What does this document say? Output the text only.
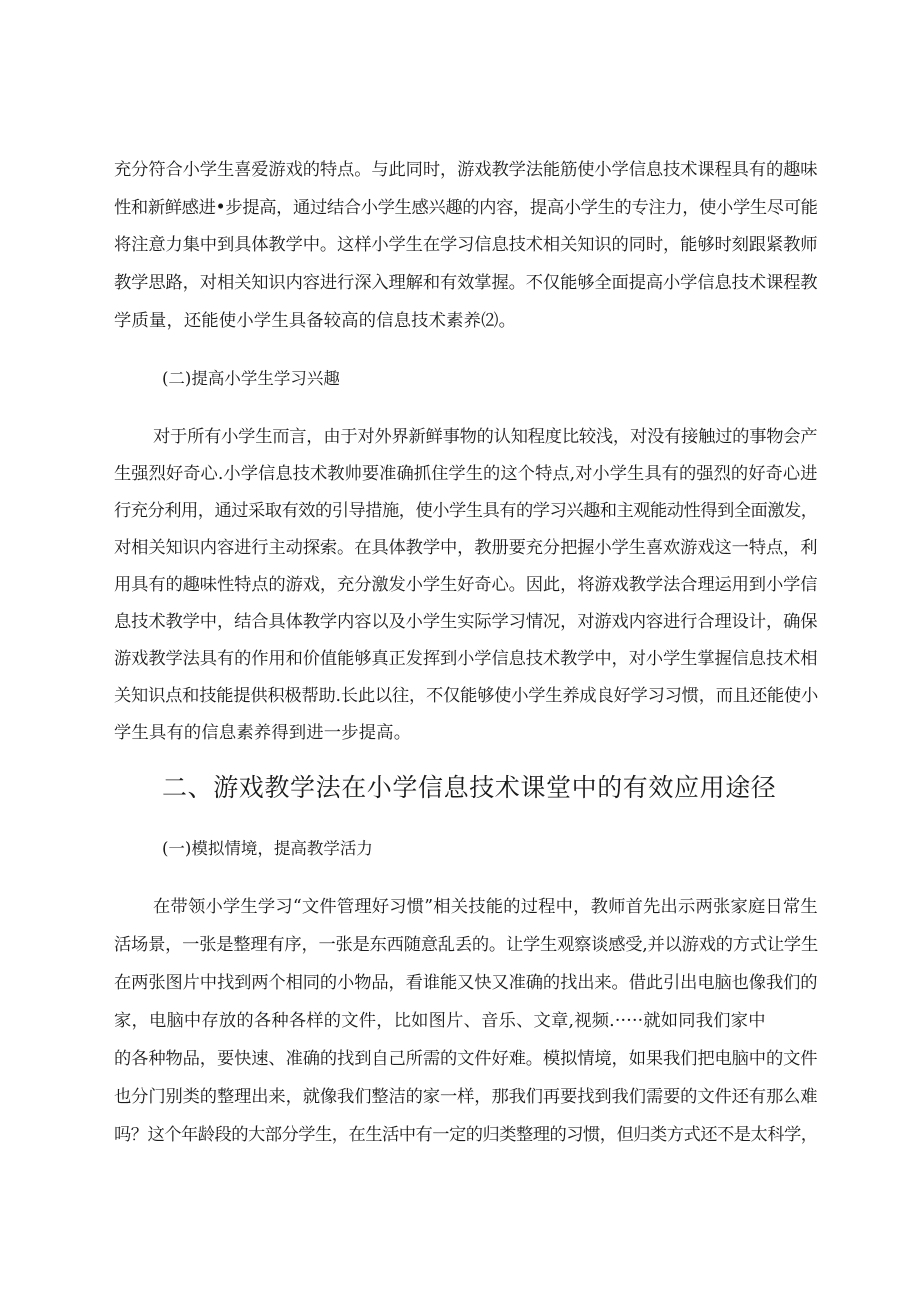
充分符合小学生喜爱游戏的特点。与此同时，游戏教学法能筋使小学信息技术课程具有的趣味
性和新鲜感进•步提高，通过结合小学生感兴趣的内容，提高小学生的专注力，使小学生尽可能
将注意力集中到具体教学中。这样小学生在学习信息技术相关知识的同时，能够时刻跟紧教师
教学思路，对相关知识内容进行深入理解和有效掌握。不仅能够全面提高小学信息技术课程教
学质量，还能使小学生具备较高的信息技术素养⑵。
(二)提高小学生学习兴趣
对于所有小学生而言，由于对外界新鲜事物的认知程度比较浅，对没有接触过的事物会产
生强烈好奇心.小学信息技术教帅要准确抓住学生的这个特点,对小学生具有的强烈的好奇心进
行充分利用，通过采取有效的引导措施，使小学生具有的学习兴趣和主观能动性得到全面激发，
对相关知识内容进行主动探索。在具体教学中，教册要充分把握小学生喜欢游戏这一特点，利
用具有的趣味性特点的游戏，充分激发小学生好奇心。因此，将游戏教学法合理运用到小学信
息技术教学中，结合具体教学内容以及小学生实际学习情况，对游戏内容进行合理设计，确保
游戏教学法具有的作用和价值能够真正发挥到小学信息技术教学中，对小学生掌握信息技术相
关知识点和技能提供积极帮助.长此以往，不仅能够使小学生养成良好学习习惯，而且还能使小
学生具有的信息素养得到进一步提高。
二、游戏教学法在小学信息技术课堂中的有效应用途径
(一)模拟情境，提高教学活力
在带领小学生学习“文件管理好习惯”相关技能的过程中，教师首先出示两张家庭日常生
活场景，一张是整理有序，一张是东西随意乱丢的。让学生观察谈感受,并以游戏的方式让学生
在两张图片中找到两个相同的小物品，看谁能又快又准确的找出来。借此引出电脑也像我们的
家，电脑中存放的各种各样的文件，比如图片、音乐、文章,视频.·····就如同我们家中
的各种物品，要快速、准确的找到自己所需的文件好难。模拟情境，如果我们把电脑中的文件
也分门别类的整理出来，就像我们整洁的家一样，那我们再要找到我们需要的文件还有那么难
吗？这个年龄段的大部分学生，在生活中有一定的归类整理的习惯，但归类方式还不是太科学，
